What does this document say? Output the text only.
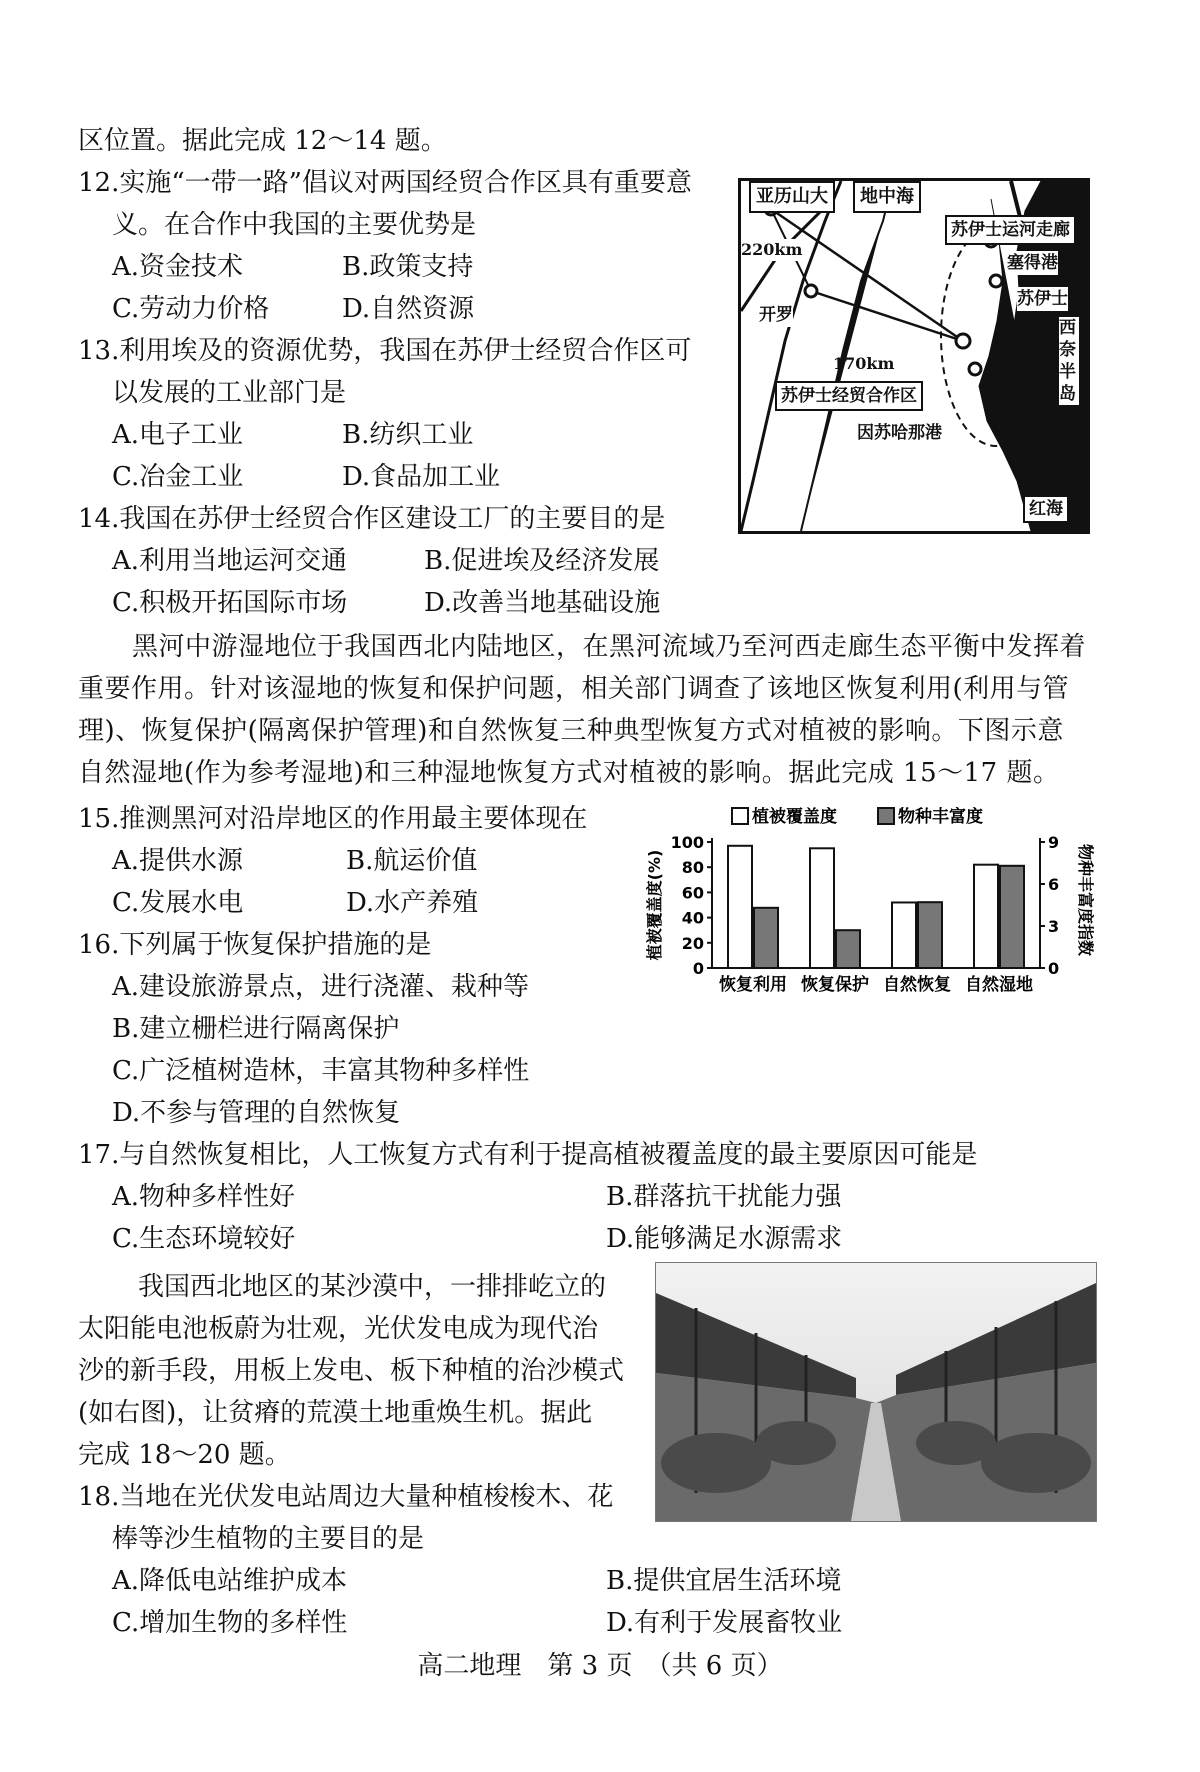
区位置。据此完成 12～14 题。
12.实施“一带一路”倡议对两国经贸合作区具有重要意
义。在合作中我国的主要优势是
A.资金技术	B.政策支持
C.劳动力价格	D.自然资源
13.利用埃及的资源优势，我国在苏伊士经贸合作区可
以发展的工业部门是
A.电子工业	B.纺织工业
C.冶金工业	D.食品加工业
14.我国在苏伊士经贸合作区建设工厂的主要目的是
A.利用当地运河交通	B.促进埃及经济发展
C.积极开拓国际市场	D.改善当地基础设施
亚历山大	地中海
苏伊士运河走廊
塞得港
苏伊士
西奈半岛
开罗
220km
170km
苏伊士经贸合作区
因苏哈那港
红海
黑河中游湿地位于我国西北内陆地区，在黑河流域乃至河西走廊生态平衡中发挥着重要作用。针对该湿地的恢复和保护问题，相关部门调查了该地区恢复利用(利用与管理)、恢复保护(隔离保护管理)和自然恢复三种典型恢复方式对植被的影响。下图示意自然湿地(作为参考湿地)和三种湿地恢复方式对植被的影响。据此完成 15～17 题。
15.推测黑河对沿岸地区的作用最主要体现在
A.提供水源	B.航运价值
C.发展水电	D.水产养殖
16.下列属于恢复保护措施的是
A.建设旅游景点，进行浇灌、栽种等
B.建立栅栏进行隔离保护
C.广泛植树造林，丰富其物种多样性
D.不参与管理的自然恢复
17.与自然恢复相比，人工恢复方式有利于提高植被覆盖度的最主要原因可能是
A.物种多样性好	B.群落抗干扰能力强
C.生态环境较好	D.能够满足水源需求
植被覆盖度	物种丰富度
植被覆盖度(%)	物种丰富度指数
0
20
40
60
80
100
0
3
6
9
恢复利用 恢复保护 自然恢复 自然湿地
我国西北地区的某沙漠中，一排排屹立的
太阳能电池板蔚为壮观，光伏发电成为现代治
沙的新手段，用板上发电、板下种植的治沙模式
(如右图)，让贫瘠的荒漠土地重焕生机。据此
完成 18～20 题。
18.当地在光伏发电站周边大量种植梭梭木、花
棒等沙生植物的主要目的是
A.降低电站维护成本	B.提供宜居生活环境
C.增加生物的多样性	D.有利于发展畜牧业
高二地理　第 3 页　（共 6 页）
